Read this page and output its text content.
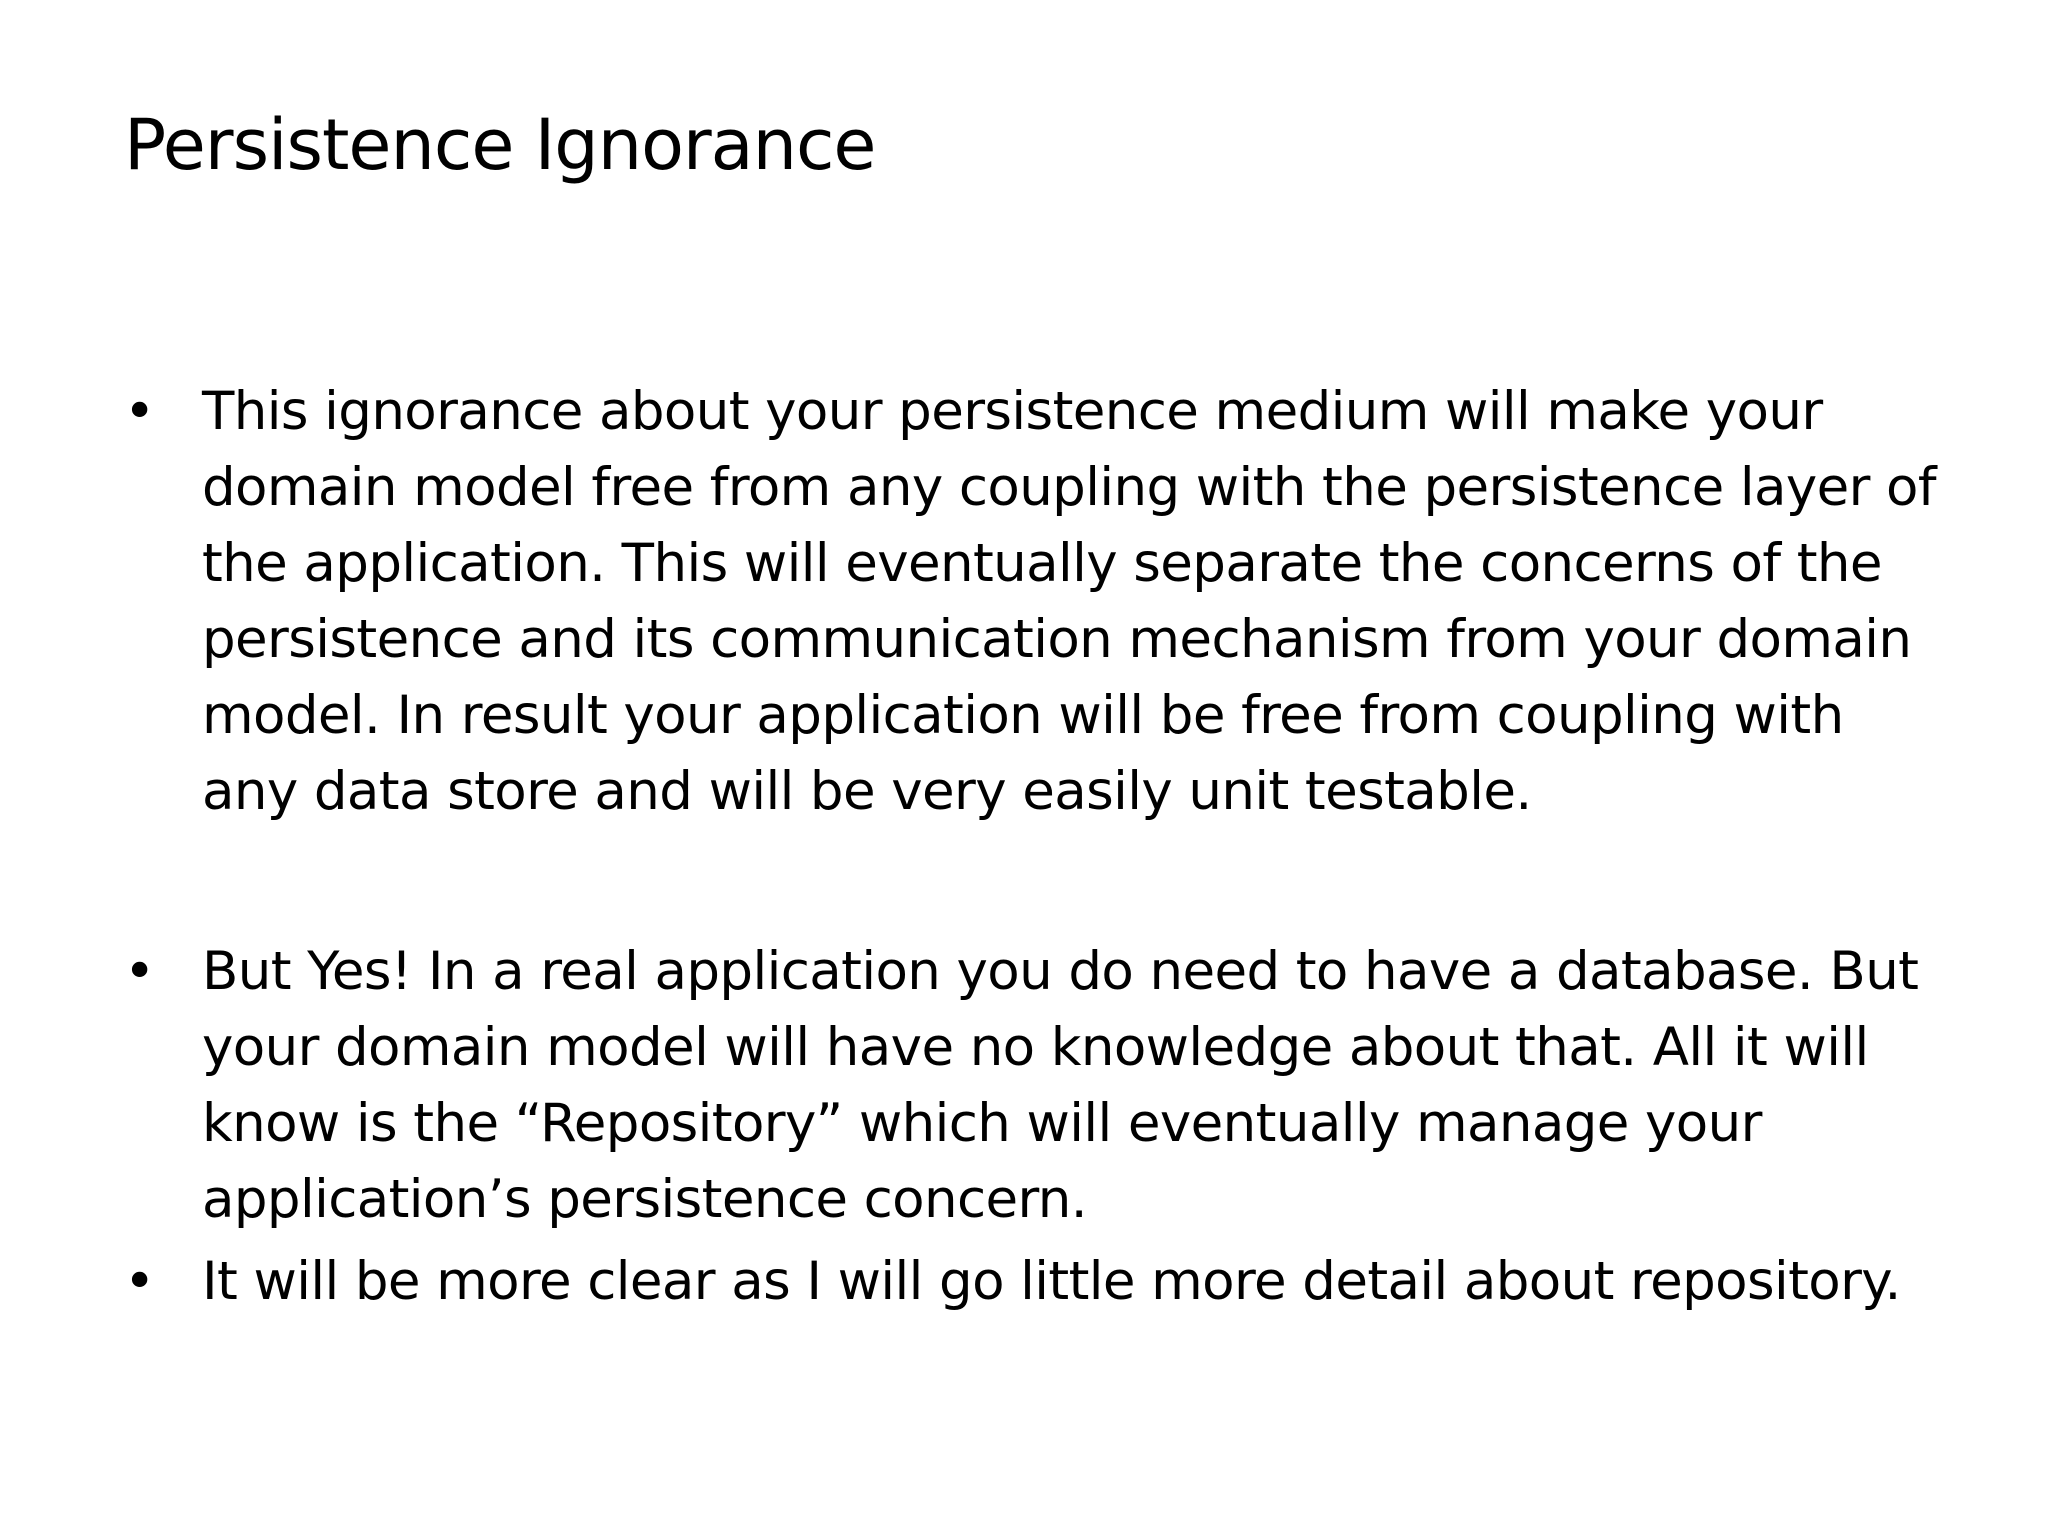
Persistence Ignorance
• This ignorance about your persistence medium will make your domain model free from any coupling with the persistence layer of the application. This will eventually separate the concerns of the persistence and its communication mechanism from your domain model. In result your application will be free from coupling with any data store and will be very easily unit testable.
• But Yes! In a real application you do need to have a database. But your domain model will have no knowledge about that. All it will know is the “Repository” which will eventually manage your application’s persistence concern.
• It will be more clear as I will go little more detail about repository.
